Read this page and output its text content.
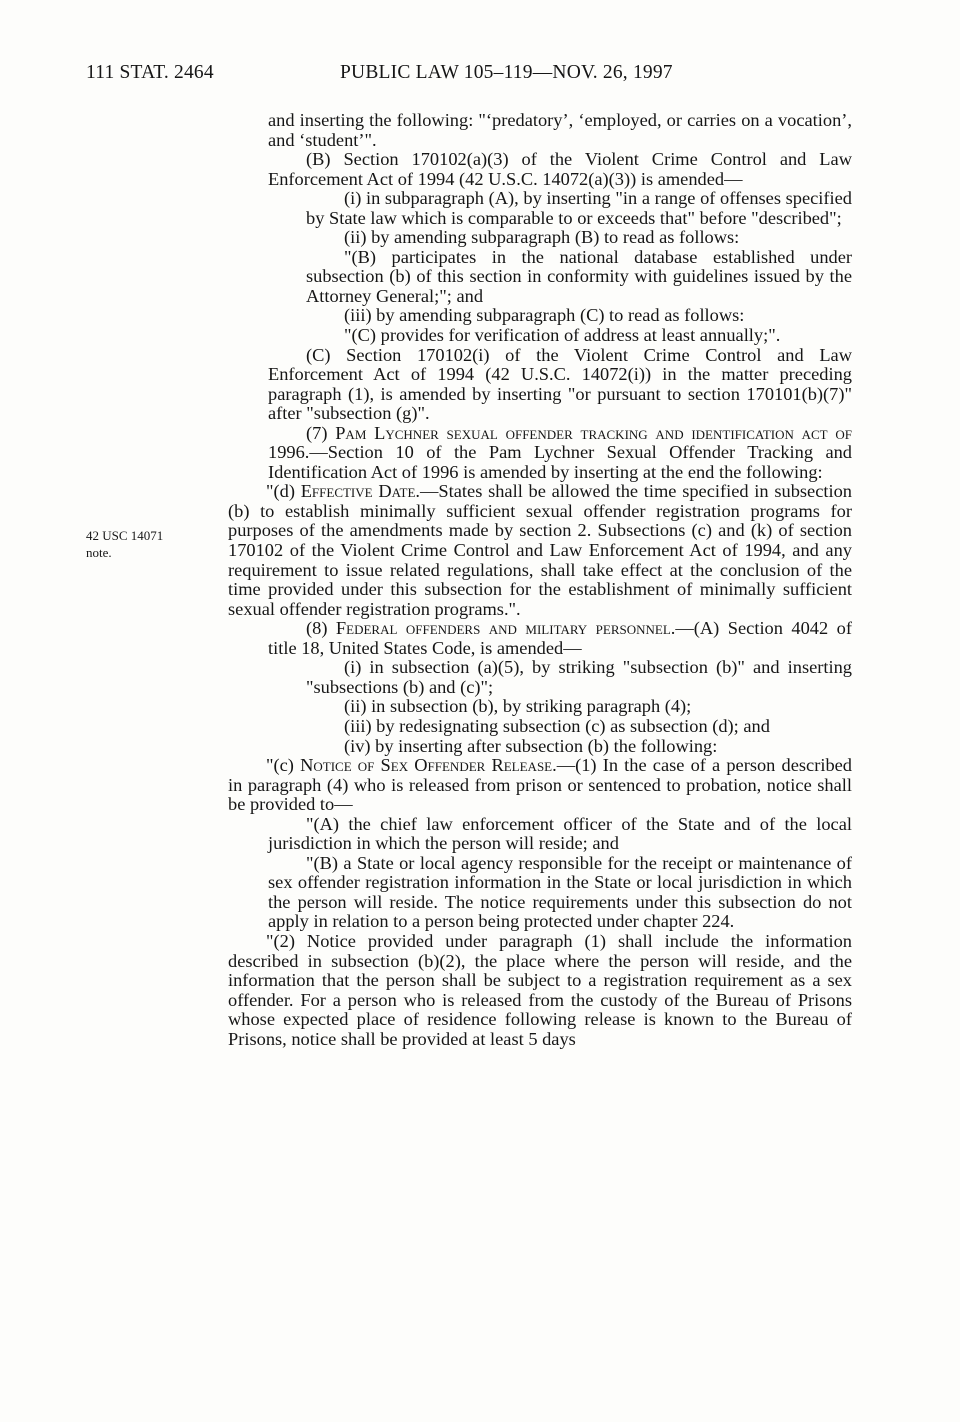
111 STAT. 2464	PUBLIC LAW 105–119—NOV. 26, 1997
42 USC 14071
note.

and inserting the following: "‘predatory’, ‘employed, or carries on a vocation’, and ‘student’".

(B) Section 170102(a)(3) of the Violent Crime Control and Law Enforcement Act of 1994 (42 U.S.C. 14072(a)(3)) is amended—

(i) in subparagraph (A), by inserting "in a range of offenses specified by State law which is comparable to or exceeds that" before "described";

(ii) by amending subparagraph (B) to read as follows:

"(B) participates in the national database established under subsection (b) of this section in conformity with guidelines issued by the Attorney General;"; and

(iii) by amending subparagraph (C) to read as follows:

"(C) provides for verification of address at least annually;".

(C) Section 170102(i) of the Violent Crime Control and Law Enforcement Act of 1994 (42 U.S.C. 14072(i)) in the matter preceding paragraph (1), is amended by inserting "or pursuant to section 170101(b)(7)" after "subsection (g)".

(7) Pam Lychner sexual offender tracking and identification act of 1996.—Section 10 of the Pam Lychner Sexual Offender Tracking and Identification Act of 1996 is amended by inserting at the end the following:

"(d) Effective Date.—States shall be allowed the time specified in subsection (b) to establish minimally sufficient sexual offender registration programs for purposes of the amendments made by section 2. Subsections (c) and (k) of section 170102 of the Violent Crime Control and Law Enforcement Act of 1994, and any requirement to issue related regulations, shall take effect at the conclusion of the time provided under this subsection for the establishment of minimally sufficient sexual offender registration programs.".

(8) Federal offenders and military personnel.—(A) Section 4042 of title 18, United States Code, is amended—

(i) in subsection (a)(5), by striking "subsection (b)" and inserting "subsections (b) and (c)";

(ii) in subsection (b), by striking paragraph (4);

(iii) by redesignating subsection (c) as subsection (d); and

(iv) by inserting after subsection (b) the following:

"(c) Notice of Sex Offender Release.—(1) In the case of a person described in paragraph (4) who is released from prison or sentenced to probation, notice shall be provided to—

"(A) the chief law enforcement officer of the State and of the local jurisdiction in which the person will reside; and

"(B) a State or local agency responsible for the receipt or maintenance of sex offender registration information in the State or local jurisdiction in which the person will reside. The notice requirements under this subsection do not apply in relation to a person being protected under chapter 224.

"(2) Notice provided under paragraph (1) shall include the information described in subsection (b)(2), the place where the person will reside, and the information that the person shall be subject to a registration requirement as a sex offender. For a person who is released from the custody of the Bureau of Prisons whose expected place of residence following release is known to the Bureau of Prisons, notice shall be provided at least 5 days
